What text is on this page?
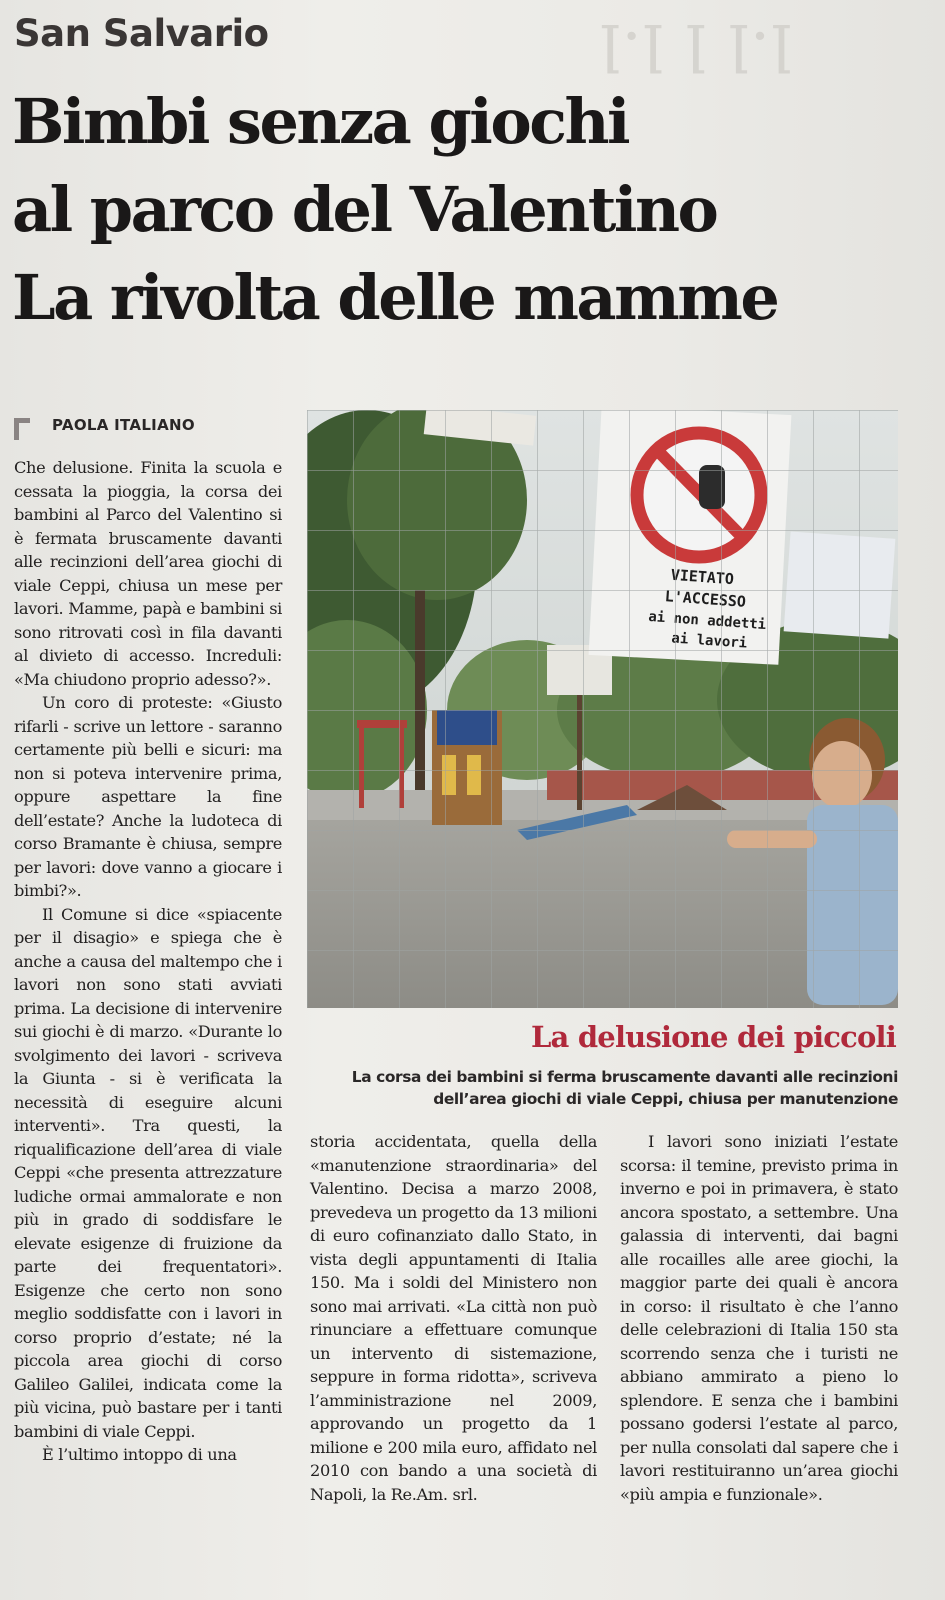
ꞁ·ꞁ ꞁ ꞁ·ꞁ
San Salvario
Bimbi senza giochi
al parco del Valentino
La rivolta delle mamme
PAOLA ITALIANO

Che delusione. Finita la scuola e cessata la pioggia, la corsa dei bambini al Parco del Valentino si è fermata bruscamente davanti alle recinzioni dell’area giochi di viale Ceppi, chiusa un mese per lavori. Mamme, papà e bambini si sono ritrovati così in fila davanti al divieto di accesso. Increduli: «Ma chiudono proprio adesso?».

Un coro di proteste: «Giusto rifarli - scrive un lettore - saranno certamente più belli e sicuri: ma non si poteva intervenire prima, oppure aspettare la fine dell’estate? Anche la ludoteca di corso Bramante è chiusa, sempre per lavori: dove vanno a giocare i bimbi?».

Il Comune si dice «spiacente per il disagio» e spiega che è anche a causa del maltempo che i lavori non sono stati avviati prima. La decisione di intervenire sui giochi è di marzo. «Durante lo svolgimento dei lavori - scriveva la Giunta - si è verificata la necessità di eseguire alcuni interventi». Tra questi, la riqualificazione dell’area di viale Ceppi «che presenta attrezzature ludiche ormai ammalorate e non più in grado di soddisfare le elevate esigenze di fruizione da parte dei frequentatori». Esigenze che certo non sono meglio soddisfatte con i lavori in corso proprio d’estate; né la piccola area giochi di corso Galileo Galilei, indicata come la più vicina, può bastare per i tanti bambini di viale Ceppi.

È l’ultimo intoppo di una

La delusione dei piccoli
La corsa dei bambini si ferma bruscamente davanti alle recinzioni
dell’area giochi di viale Ceppi, chiusa per manutenzione

storia accidentata, quella della «manutenzione straordinaria» del Valentino. Decisa a marzo 2008, prevedeva un progetto da 13 milioni di euro cofinanziato dallo Stato, in vista degli appuntamenti di Italia 150. Ma i soldi del Ministero non sono mai arrivati. «La città non può rinunciare a effettuare comunque un intervento di sistemazione, seppure in forma ridotta», scriveva l’amministrazione nel 2009, approvando un progetto da 1 milione e 200 mila euro, affidato nel 2010 con bando a una società di Napoli, la Re.Am. srl.

I lavori sono iniziati l’estate scorsa: il temine, previsto prima in inverno e poi in primavera, è stato ancora spostato, a settembre. Una galassia di interventi, dai bagni alle rocailles alle aree giochi, la maggior parte dei quali è ancora in corso: il risultato è che l’anno delle celebrazioni di Italia 150 sta scorrendo senza che i turisti ne abbiano ammirato a pieno lo splendore. E senza che i bambini possano godersi l’estate al parco, per nulla consolati dal sapere che i lavori restituiranno un’area giochi «più ampia e funzionale».
